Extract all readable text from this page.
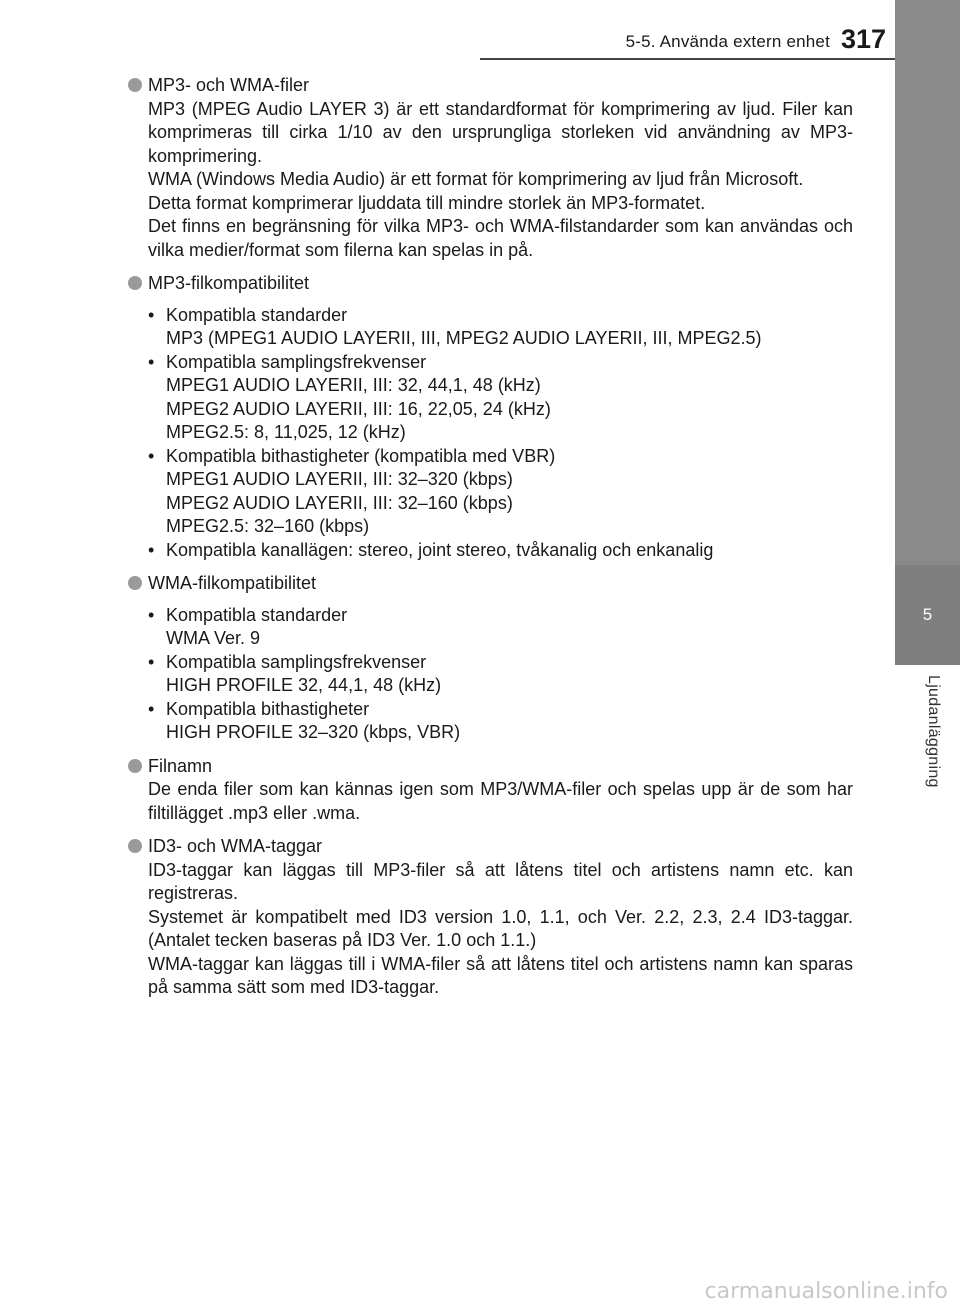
5-5. Använda extern enhet 317
5
Ljudanläggning
MP3- och WMA-filer

MP3 (MPEG Audio LAYER 3) är ett standardformat för komprimering av ljud. Filer kan komprimeras till cirka 1/10 av den ursprungliga storleken vid användning av MP3-komprimering.

WMA (Windows Media Audio) är ett format för komprimering av ljud från Microsoft.

Detta format komprimerar ljuddata till mindre storlek än MP3-formatet.

Det finns en begränsning för vilka MP3- och WMA-filstandarder som kan användas och vilka medier/format som filerna kan spelas in på.

MP3-filkompatibilitet
• Kompatibla standarder
MP3 (MPEG1 AUDIO LAYERII, III, MPEG2 AUDIO LAYERII, III, MPEG2.5)
• Kompatibla samplingsfrekvenser
MPEG1 AUDIO LAYERII, III: 32, 44,1, 48 (kHz)
MPEG2 AUDIO LAYERII, III: 16, 22,05, 24 (kHz)
MPEG2.5: 8, 11,025, 12 (kHz)
• Kompatibla bithastigheter (kompatibla med VBR)
MPEG1 AUDIO LAYERII, III: 32–320 (kbps)
MPEG2 AUDIO LAYERII, III: 32–160 (kbps)
MPEG2.5: 32–160 (kbps)
• Kompatibla kanallägen: stereo, joint stereo, tvåkanalig och enkanalig
WMA-filkompatibilitet
• Kompatibla standarder
WMA Ver. 9
• Kompatibla samplingsfrekvenser
HIGH PROFILE 32, 44,1, 48 (kHz)
• Kompatibla bithastigheter
HIGH PROFILE 32–320 (kbps, VBR)
Filnamn

De enda filer som kan kännas igen som MP3/WMA-filer och spelas upp är de som har filtillägget .mp3 eller .wma.

ID3- och WMA-taggar

ID3-taggar kan läggas till MP3-filer så att låtens titel och artistens namn etc. kan registreras.

Systemet är kompatibelt med ID3 version 1.0, 1.1, och Ver. 2.2, 2.3, 2.4 ID3-taggar. (Antalet tecken baseras på ID3 Ver. 1.0 och 1.1.)

WMA-taggar kan läggas till i WMA-filer så att låtens titel och artistens namn kan sparas på samma sätt som med ID3-taggar.

carmanualsonline.info
